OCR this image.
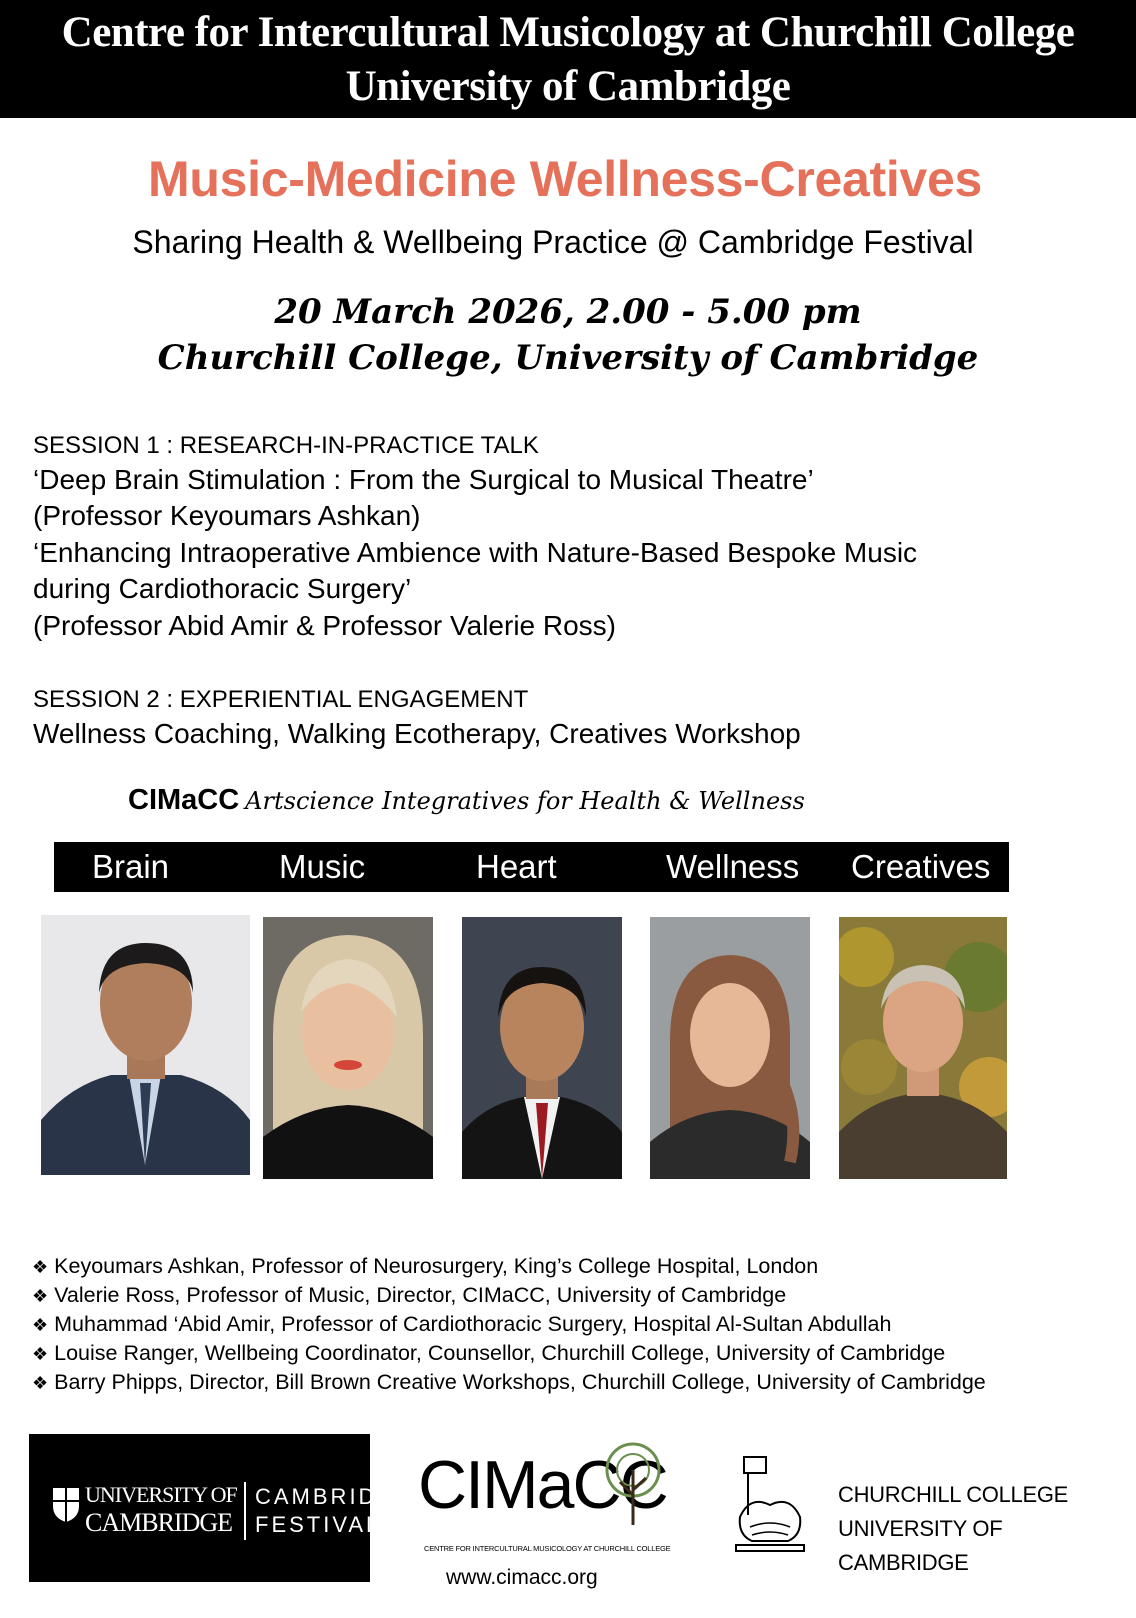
Centre for Intercultural Musicology at Churchill College
University of Cambridge
Music-Medicine Wellness-Creatives
Sharing Health & Wellbeing Practice @ Cambridge Festival
20 March 2026, 2.00 - 5.00 pm
Churchill College, University of Cambridge
SESSION 1 : RESEARCH-IN-PRACTICE TALK
‘Deep Brain Stimulation : From the Surgical to Musical Theatre’
(Professor Keyoumars Ashkan)
‘Enhancing Intraoperative Ambience with Nature-Based Bespoke Music
during Cardiothoracic Surgery’
(Professor Abid Amir & Professor Valerie Ross)
SESSION 2 : EXPERIENTIAL ENGAGEMENT
Wellness Coaching, Walking Ecotherapy, Creatives Workshop
CIMaCC Artscience Integratives for Health & Wellness
Brain	Music	Heart	Wellness Creatives
❖ Keyoumars Ashkan, Professor of Neurosurgery, King’s College Hospital, London
❖ Valerie Ross, Professor of Music, Director, CIMaCC, University of Cambridge
❖ Muhammad ‘Abid Amir, Professor of Cardiothoracic Surgery, Hospital Al-Sultan Abdullah
❖ Louise Ranger, Wellbeing Coordinator, Counsellor, Churchill College, University of Cambridge
❖ Barry Phipps, Director, Bill Brown Creative Workshops, Churchill College, University of Cambridge
UNIVERSITY OF
CAMBRIDGE
CAMBRIDGE
FESTIVAL
CIMaCC
CENTRE FOR INTERCULTURAL MUSICOLOGY AT CHURCHILL COLLEGE
www.cimacc.org
CHURCHILL COLLEGE
UNIVERSITY OF CAMBRIDGE
